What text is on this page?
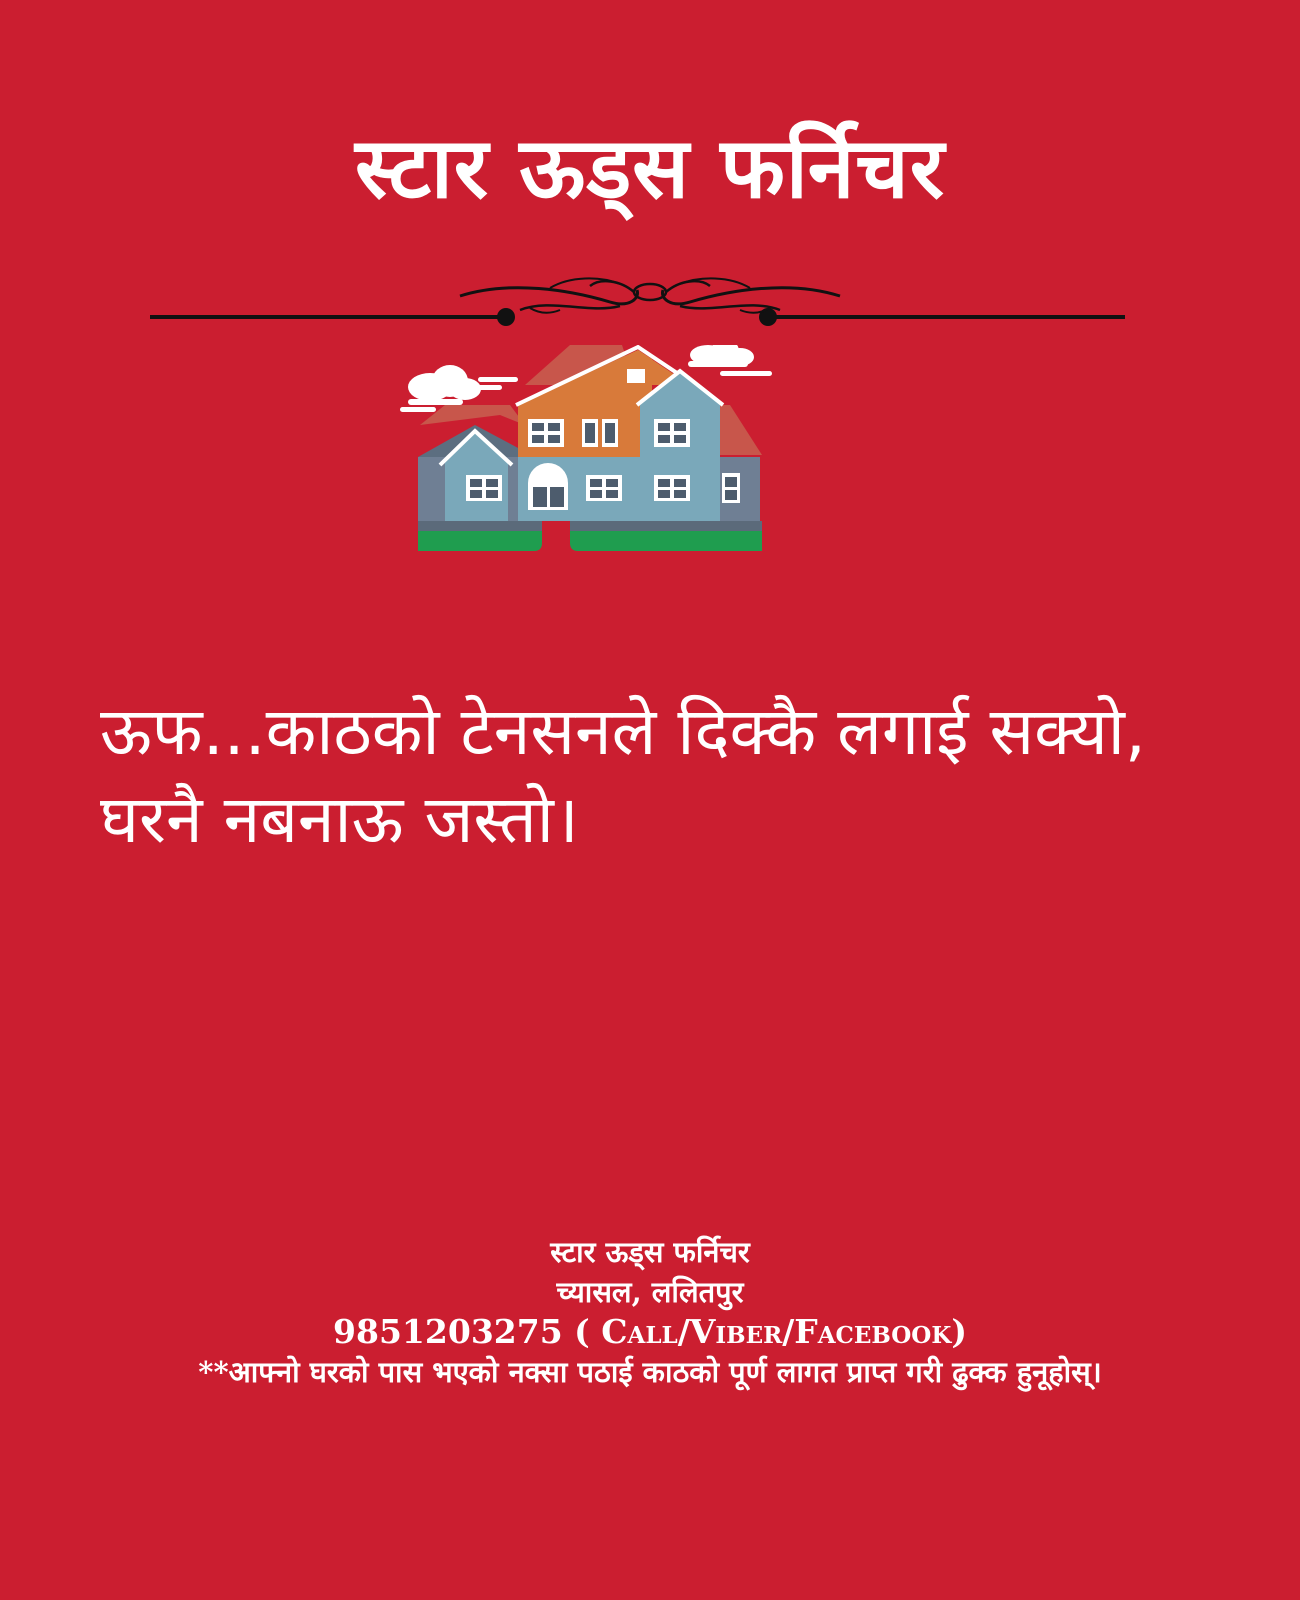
स्टार ऊड्स फर्निचर
ऊफ...काठको टेनसनले दिक्कै लगाई सक्यो, घरनै नबनाऊ जस्तो।
स्टार ऊड्स फर्निचर
च्यासल, ललितपुर
9851203275 ( Call/Viber/Facebook)
**आफ्नो घरको पास भएको नक्सा पठाई काठको पूर्ण लागत प्राप्त गरी ढुक्क हुनूहोस्।
